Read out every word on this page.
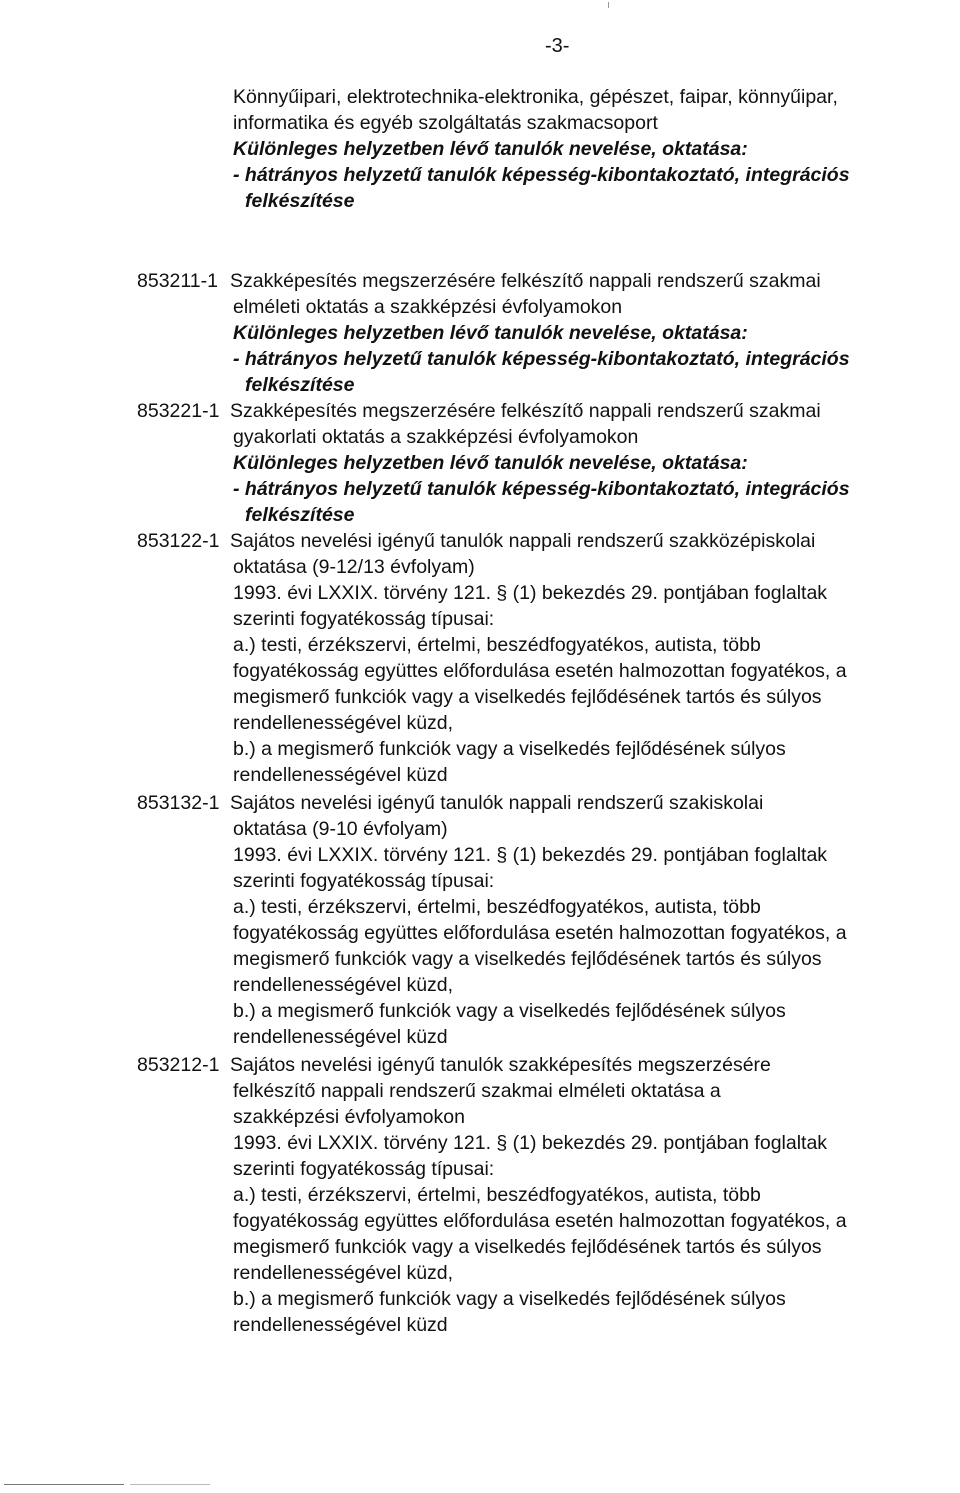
-3-
Könnyűipari, elektrotechnika-elektronika, gépészet, faipar, könnyűipar,
informatika és egyéb szolgáltatás szakmacsoport
Különleges helyzetben lévő tanulók nevelése, oktatása:
- hátrányos helyzetű tanulók képesség-kibontakoztató, integrációs
felkészítése
853211-1 Szakképesítés megszerzésére felkészítő nappali rendszerű szakmai
elméleti oktatás a szakképzési évfolyamokon
Különleges helyzetben lévő tanulók nevelése, oktatása:
- hátrányos helyzetű tanulók képesség-kibontakoztató, integrációs
felkészítése
853221-1 Szakképesítés megszerzésére felkészítő nappali rendszerű szakmai
gyakorlati oktatás a szakképzési évfolyamokon
Különleges helyzetben lévő tanulók nevelése, oktatása:
- hátrányos helyzetű tanulók képesség-kibontakoztató, integrációs
felkészítése
853122-1 Sajátos nevelési igényű tanulók nappali rendszerű szakközépiskolai
oktatása (9-12/13 évfolyam)
1993. évi LXXIX. törvény 121. § (1) bekezdés 29. pontjában foglaltak
szerinti fogyatékosság típusai:
a.) testi, érzékszervi, értelmi, beszédfogyatékos, autista, több
fogyatékosság együttes előfordulása esetén halmozottan fogyatékos, a
megismerő funkciók vagy a viselkedés fejlődésének tartós és súlyos
rendellenességével küzd,
b.) a megismerő funkciók vagy a viselkedés fejlődésének súlyos
rendellenességével küzd
853132-1 Sajátos nevelési igényű tanulók nappali rendszerű szakiskolai
oktatása (9-10 évfolyam)
1993. évi LXXIX. törvény 121. § (1) bekezdés 29. pontjában foglaltak
szerinti fogyatékosság típusai:
a.) testi, érzékszervi, értelmi, beszédfogyatékos, autista, több
fogyatékosság együttes előfordulása esetén halmozottan fogyatékos, a
megismerő funkciók vagy a viselkedés fejlődésének tartós és súlyos
rendellenességével küzd,
b.) a megismerő funkciók vagy a viselkedés fejlődésének súlyos
rendellenességével küzd
853212-1 Sajátos nevelési igényű tanulók szakképesítés megszerzésére
felkészítő nappali rendszerű szakmai elméleti oktatása a
szakképzési évfolyamokon
1993. évi LXXIX. törvény 121. § (1) bekezdés 29. pontjában foglaltak
szerinti fogyatékosság típusai:
a.) testi, érzékszervi, értelmi, beszédfogyatékos, autista, több
fogyatékosság együttes előfordulása esetén halmozottan fogyatékos, a
megismerő funkciók vagy a viselkedés fejlődésének tartós és súlyos
rendellenességével küzd,
b.) a megismerő funkciók vagy a viselkedés fejlődésének súlyos
rendellenességével küzd
